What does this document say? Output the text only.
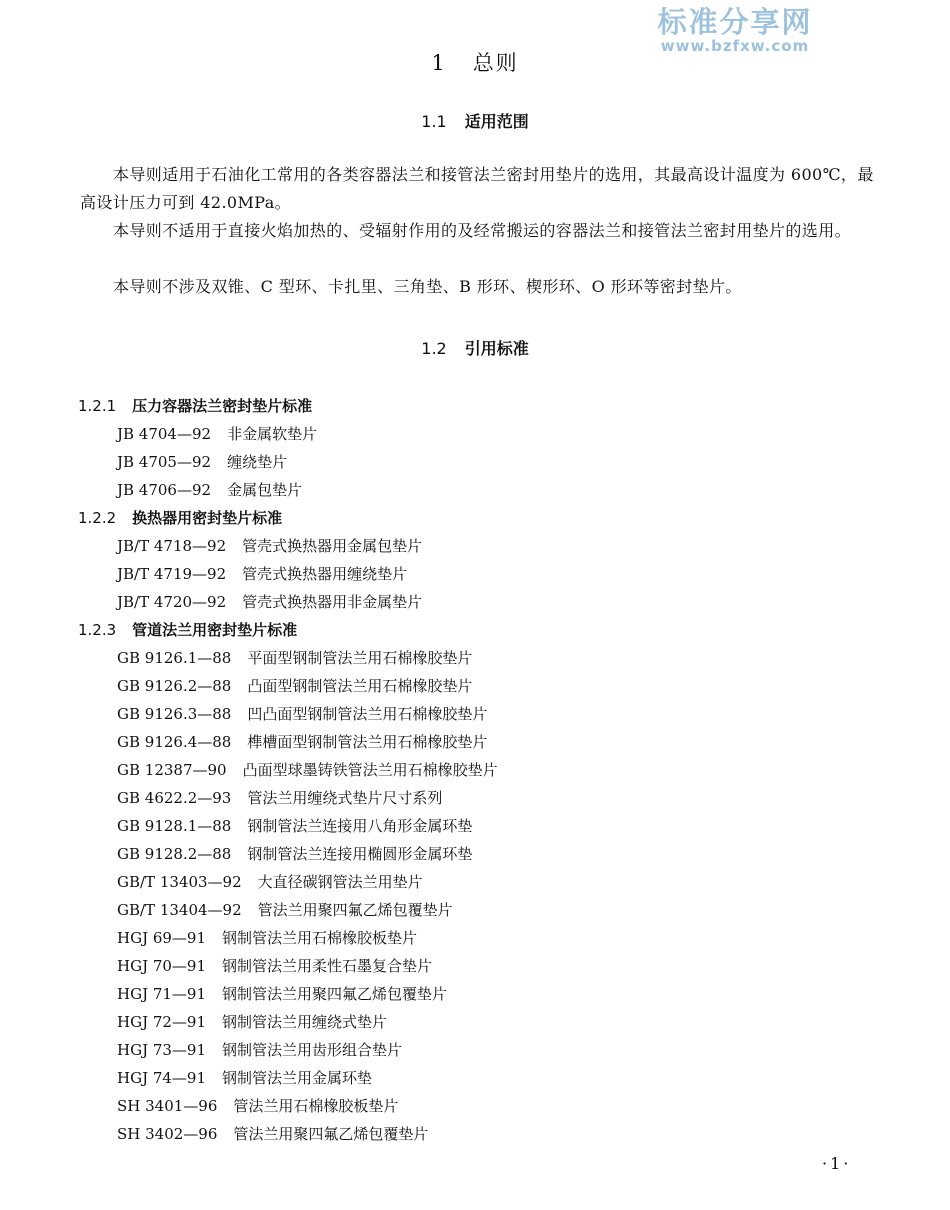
标准分享网
www.bzfxw.com
1 总则
1.1 适用范围

本导则适用于石油化工常用的各类容器法兰和接管法兰密封用垫片的选用，其最高设计温度为 600℃，最高设计压力可到 42.0MPa。

本导则不适用于直接火焰加热的、受辐射作用的及经常搬运的容器法兰和接管法兰密封用垫片的选用。

本导则不涉及双锥、C 型环、卡扎里、三角垫、B 形环、楔形环、O 形环等密封垫片。

1.2 引用标准
1.2.1 压力容器法兰密封垫片标准
JB 4704—92 非金属软垫片
JB 4705—92 缠绕垫片
JB 4706—92 金属包垫片
1.2.2 换热器用密封垫片标准
JB/T 4718—92 管壳式换热器用金属包垫片
JB/T 4719—92 管壳式换热器用缠绕垫片
JB/T 4720—92 管壳式换热器用非金属垫片
1.2.3 管道法兰用密封垫片标准
GB 9126.1—88 平面型钢制管法兰用石棉橡胶垫片
GB 9126.2—88 凸面型钢制管法兰用石棉橡胶垫片
GB 9126.3—88 凹凸面型钢制管法兰用石棉橡胶垫片
GB 9126.4—88 榫槽面型钢制管法兰用石棉橡胶垫片
GB 12387—90 凸面型球墨铸铁管法兰用石棉橡胶垫片
GB 4622.2—93 管法兰用缠绕式垫片尺寸系列
GB 9128.1—88 钢制管法兰连接用八角形金属环垫
GB 9128.2—88 钢制管法兰连接用椭圆形金属环垫
GB/T 13403—92 大直径碳钢管法兰用垫片
GB/T 13404—92 管法兰用聚四氟乙烯包覆垫片
HGJ 69—91 钢制管法兰用石棉橡胶板垫片
HGJ 70—91 钢制管法兰用柔性石墨复合垫片
HGJ 71—91 钢制管法兰用聚四氟乙烯包覆垫片
HGJ 72—91 钢制管法兰用缠绕式垫片
HGJ 73—91 钢制管法兰用齿形组合垫片
HGJ 74—91 钢制管法兰用金属环垫
SH 3401—96 管法兰用石棉橡胶板垫片
SH 3402—96 管法兰用聚四氟乙烯包覆垫片
·1·
